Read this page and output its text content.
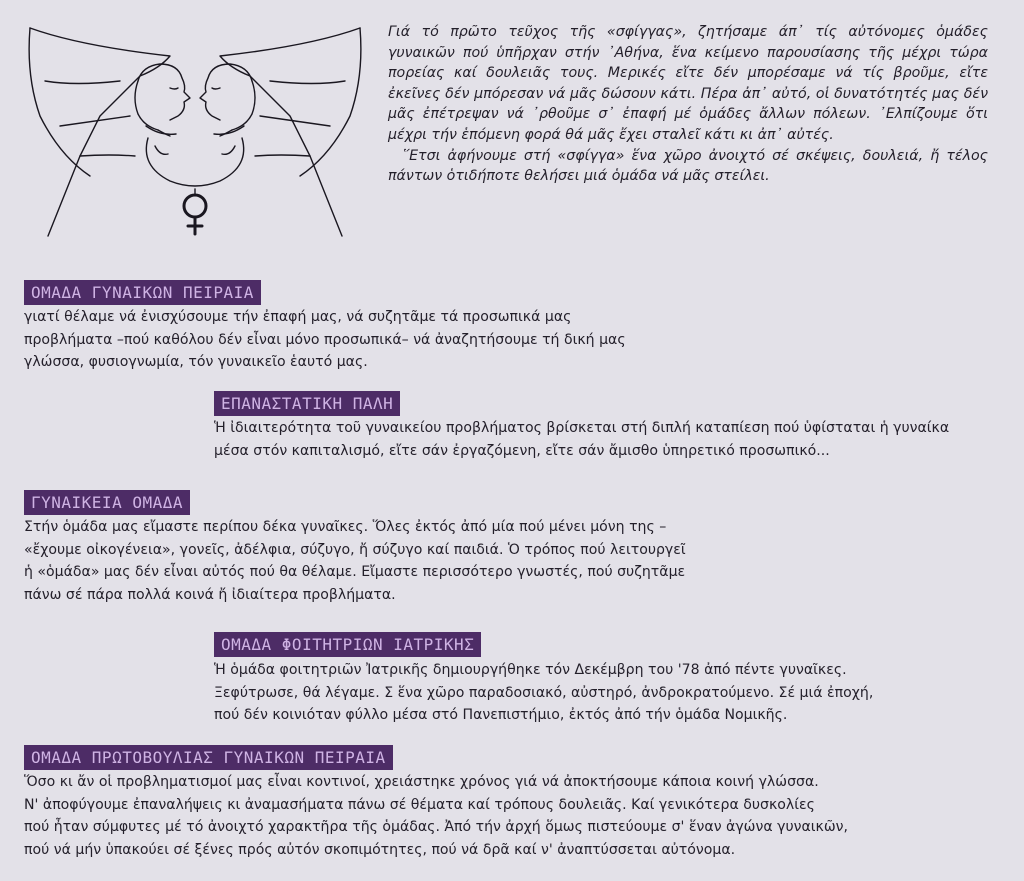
Γιά τό πρῶτο τεῦχος τῆς «σφίγγας», ζητήσαμε άπ᾽ τίς αὐτόνομες ὁμάδες γυναικῶν πού ὑπῆρχαν στήν ᾽Αθήνα, ἕνα κείμενο παρουσίασης τῆς μέχρι τώρα πορείας καί δουλειᾶς τους. Μερικές εἴτε δέν μπορέσαμε νά τίς βροῦμε, εἴτε ἐκεῖνες δέν μπόρεσαν νά μᾶς δώσουν κάτι. Πέρα ἀπ᾽ αὐτό, οἱ δυνατότητές μας δέν μᾶς ἐπέτρεψαν νά ᾽ρθοῦμε σ᾽ ἐπαφή μέ ὁμάδες ἄλλων πόλεων. ᾽Ελπίζουμε ὅτι μέχρι τήν ἑπόμενη φορά θά μᾶς ἔχει σταλεῖ κάτι κι ἀπ᾽ αὐτές.

῞Ετσι ἀφήνουμε στή «σφίγγα» ἕνα χῶρο ἀνοιχτό σέ σκέψεις, δουλειά, ἤ τέλος πάντων ὁτιδήποτε θελήσει μιά ὁμάδα νά μᾶς στείλει.

ΟΜΑΔΑ ΓΥΝΑΙΚΩΝ ΠΕΙΡΑΙΑ

γιατί θέλαμε νά ἐνισχύσουμε τήν ἐπαφή μας, νά συζητᾶμε τά προσωπικά μας

προβλήματα –πού καθόλου δέν εἶναι μόνο προσωπικά– νά ἀναζητήσουμε τή δική μας

γλώσσα, φυσιογνωμία, τόν γυναικεῖο ἑαυτό μας.

ΕΠΑΝΑΣΤΑΤΙΚΗ ΠΑΛΗ

Ἡ ἰδιαιτερότητα τοῦ γυναικείου προβλήματος βρίσκεται στή διπλή καταπίεση πού ὑφίσταται ἡ γυναίκα

μέσα στόν καπιταλισμό, εἴτε σάν ἐργαζόμενη, εἴτε σάν ἄμισθο ὑπηρετικό προσωπικό...

ΓΥΝΑΙΚΕΙΑ ΟΜΑΔΑ

Στήν ὁμάδα μας εἴμαστε περίπου δέκα γυναῖκες. Ὅλες ἐκτός ἀπό μία πού μένει μόνη της –

«ἔχουμε οἰκογένεια», γονεῖς, ἀδέλφια, σύζυγο, ἤ σύζυγο καί παιδιά. Ὁ τρόπος πού λειτουργεῖ

ἡ «ὁμάδα» μας δέν εἶναι αὐτός πού θα θέλαμε. Εἴμαστε περισσότερο γνωστές, πού συζητᾶμε

πάνω σέ πάρα πολλά κοινά ἤ ἰδιαίτερα προβλήματα.

ΟΜΑΔΑ ΦΟΙΤΗΤΡΙΩΝ ΙΑΤΡΙΚΗΣ

Ἡ ὁμάδα φοιτητριῶν Ἰατρικῆς δημιουργήθηκε τόν Δεκέμβρη του '78 ἀπό πέντε γυναῖκες.

Ξεφύτρωσε, θά λέγαμε. Σ ἕνα χῶρο παραδοσιακό, αὐστηρό, ἀνδροκρατούμενο. Σέ μιά ἐποχή,

πού δέν κοινιόταν φύλλο μέσα στό Πανεπιστήμιο, ἐκτός ἀπό τήν ὁμάδα Νομικῆς.

ΟΜΑΔΑ ΠΡΩΤΟΒΟΥΛΙΑΣ ΓΥΝΑΙΚΩΝ ΠΕΙΡΑΙΑ

Ὅσο κι ἄν οἱ προβληματισμοί μας εἶναι κοντινοί, χρειάστηκε χρόνος γιά νά ἀποκτήσουμε κάποια κοινή γλώσσα.

Ν' ἀποφύγουμε ἐπαναλήψεις κι ἀναμασήματα πάνω σέ θέματα καί τρόπους δουλειᾶς. Καί γενικότερα δυσκολίες

πού ἦταν σύμφυτες μέ τό ἀνοιχτό χαρακτῆρα τῆς ὁμάδας. Ἀπό τήν ἀρχή ὅμως πιστεύουμε σ' ἕναν ἀγώνα γυναικῶν,

πού νά μήν ὑπακούει σέ ξένες πρός αὐτόν σκοπιμότητες, πού νά δρᾶ καί ν' ἀναπτύσσεται αὐτόνομα.
